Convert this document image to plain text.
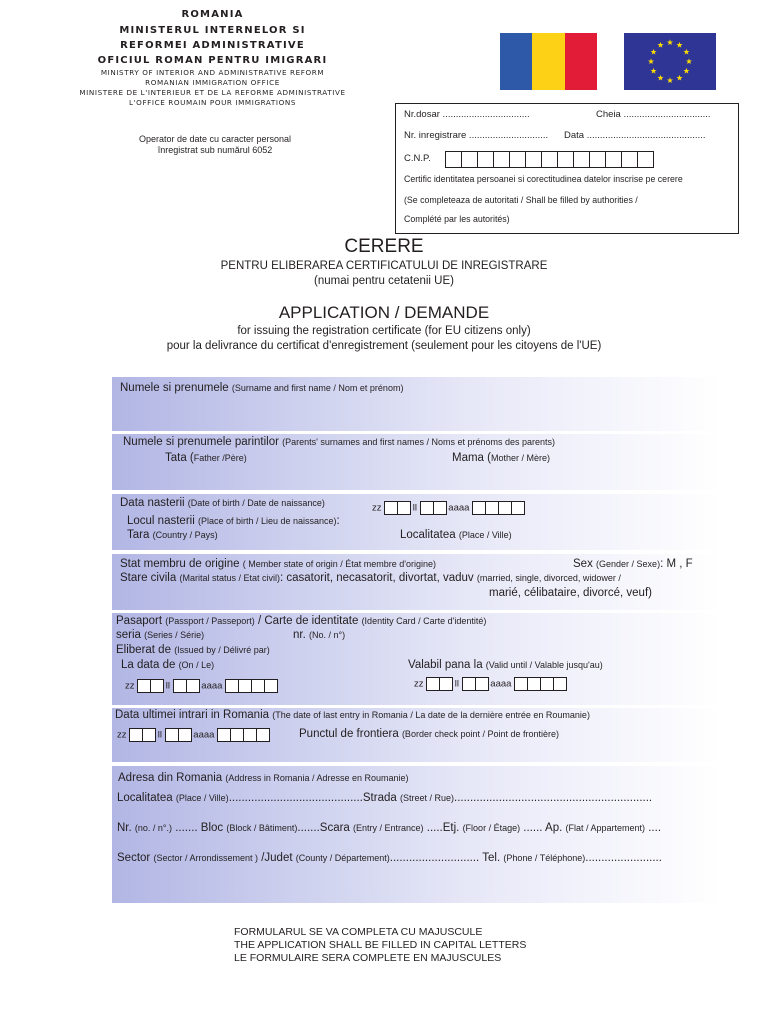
ROMANIA
MINISTERUL INTERNELOR SI
REFORMEI ADMINISTRATIVE
OFICIUL ROMAN PENTRU IMIGRARI
MINISTRY OF INTERIOR AND ADMINISTRATIVE REFORM
ROMANIAN IMMIGRATION OFFICE
MINISTERE DE L'INTERIEUR ET DE LA REFORME ADMINISTRATIVE
L'OFFICE ROUMAIN POUR IMMIGRATIONS
Operator de date cu caracter personal
înregistrat sub numărul 6052
Nr.dosar .................................	Cheia .................................
Nr. inregistrare .............................. Data .............................................
C.N.P.
Certific identitatea persoanei si corectitudinea datelor inscrise pe cerere
(Se completeaza de autoritati / Shall be filled by authorities /
Complété par les autorités)
CERERE
PENTRU ELIBERAREA CERTIFICATULUI DE INREGISTRARE
(numai pentru cetatenii UE)
APPLICATION / DEMANDE
for issuing the registration certificate (for EU citizens only)
pour la delivrance du certificat d'enregistrement (seulement pour les citoyens de l'UE)
Numele si prenumele (Surname and first name / Nom et prénom)
Numele si prenumele parintilor (Parents' surnames and first names / Noms et prénoms des parents)
Tata (Father /Père)	Mama (Mother / Mère)
Data nasterii (Date of birth / Date de naissance)	zz	ll	aaaa
Locul nasterii (Place of birth / Lieu de naissance):
Tara (Country / Pays)	Localitatea (Place / Ville)
Stat membru de origine ( Member state of origin / État membre d'origine)	Sex (Gender / Sexe): M , F
Stare civila (Marital status / Etat civil): casatorit, necasatorit, divortat, vaduv (married, single, divorced, widower /
marié, célibataire, divorcé, veuf)
Pasaport (Passport / Passeport) / Carte de identitate (Identity Card / Carte d'identité)
seria (Series / Série)	nr. (No. / n°)
Eliberat de (Issued by / Délivré par)
La data de (On / Le)	Valabil pana la (Valid until / Valable jusqu'au)
zz	ll	aaaa	zz	ll	aaaa
Data ultimei intrari in Romania (The date of last entry in Romania / La date de la dernière entrée en Roumanie)
zz	ll	aaaa	Punctul de frontiera (Border check point / Point de frontière)
Adresa din Romania (Address in Romania / Adresse en Roumanie)
Localitatea (Place / Ville)..........................................Strada (Street / Rue)..............................................................
Nr. (no. / n°.) ....... Bloc (Block / Bâtiment).......Scara (Entry / Entrance) .....Etj. (Floor / Étage) ...... Ap. (Flat / Appartement) ....
Sector (Sector / Arrondissement ) /Judet (County / Département)............................ Tel. (Phone / Téléphone)........................
FORMULARUL SE VA COMPLETA CU MAJUSCULE
THE APPLICATION SHALL BE FILLED IN CAPITAL LETTERS
LE FORMULAIRE SERA COMPLETE EN MAJUSCULES
